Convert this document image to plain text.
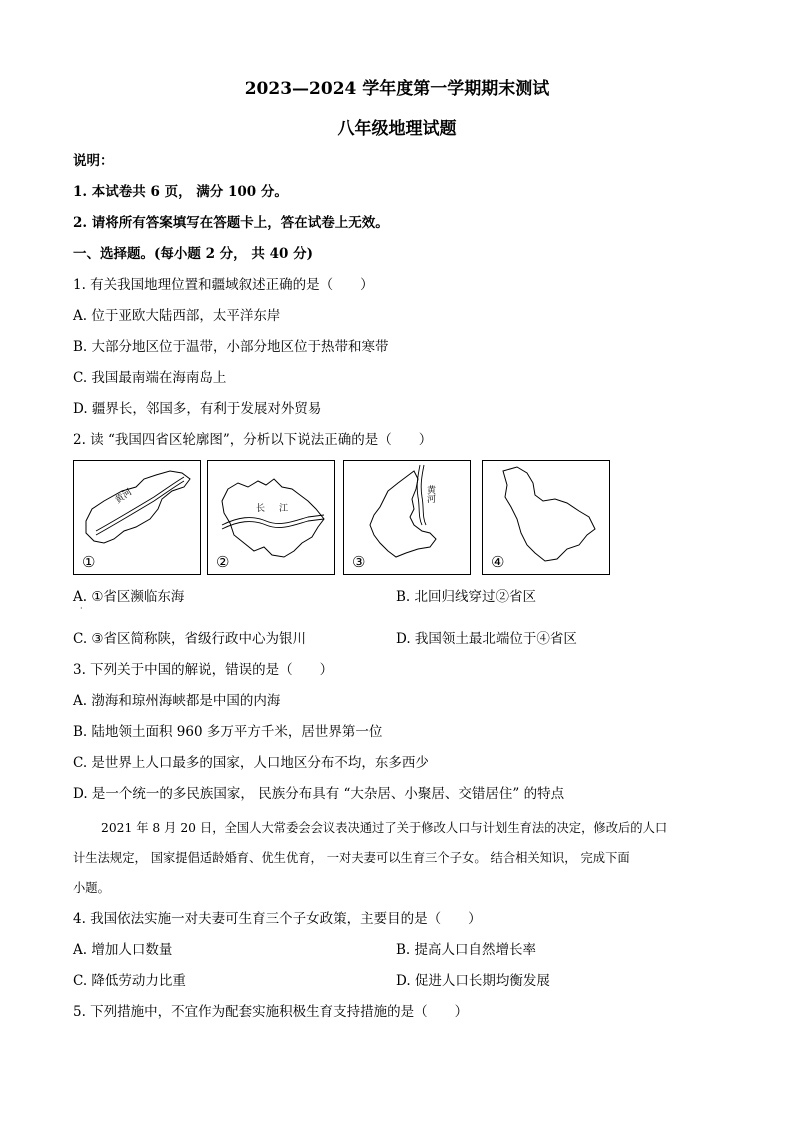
2023—2024 学年度第一学期期末测试
八年级地理试题
说明：
1. 本试卷共 6 页， 满分 100 分。
2. 请将所有答案填写在答题卡上，答在试卷上无效。
一、选择题。(每小题 2 分， 共 40 分)
1. 有关我国地理位置和疆域叙述正确的是（　　）
A. 位于亚欧大陆西部，太平洋东岸
B. 大部分地区位于温带，小部分地区位于热带和寒带
C. 我国最南端在海南岛上
D. 疆界长，邻国多，有利于发展对外贸易
2. 读 “我国四省区轮廓图”，分析以下说法正确的是（　　）
黄河
①
长江
②
黄河
③	④
A. ①省区濒临东海
·
B. 北回归线穿过②省区
C. ③省区简称陕，省级行政中心为银川	D. 我国领土最北端位于④省区
3. 下列关于中国的解说，错误的是（　　）
A. 渤海和琼州海峡都是中国的内海
B. 陆地领土面积 960 多万平方千米，居世界第一位
C. 是世界上人口最多的国家，人口地区分布不均，东多西少
D. 是一个统一的多民族国家， 民族分布具有 “大杂居、小聚居、交错居住” 的特点
2021 年 8 月 20 日，全国人大常委会会议表决通过了关于修改人口与计划生育法的决定，修改后的人口
计生法规定， 国家提倡适龄婚育、优生优育， 一对夫妻可以生育三个子女。 结合相关知识， 完成下面
小题。
4. 我国依法实施一对夫妻可生育三个子女政策，主要目的是（　　）
A. 增加人口数量	B. 提高人口自然增长率
C. 降低劳动力比重	D. 促进人口长期均衡发展
5. 下列措施中，不宜作为配套实施积极生育支持措施的是（　　）
